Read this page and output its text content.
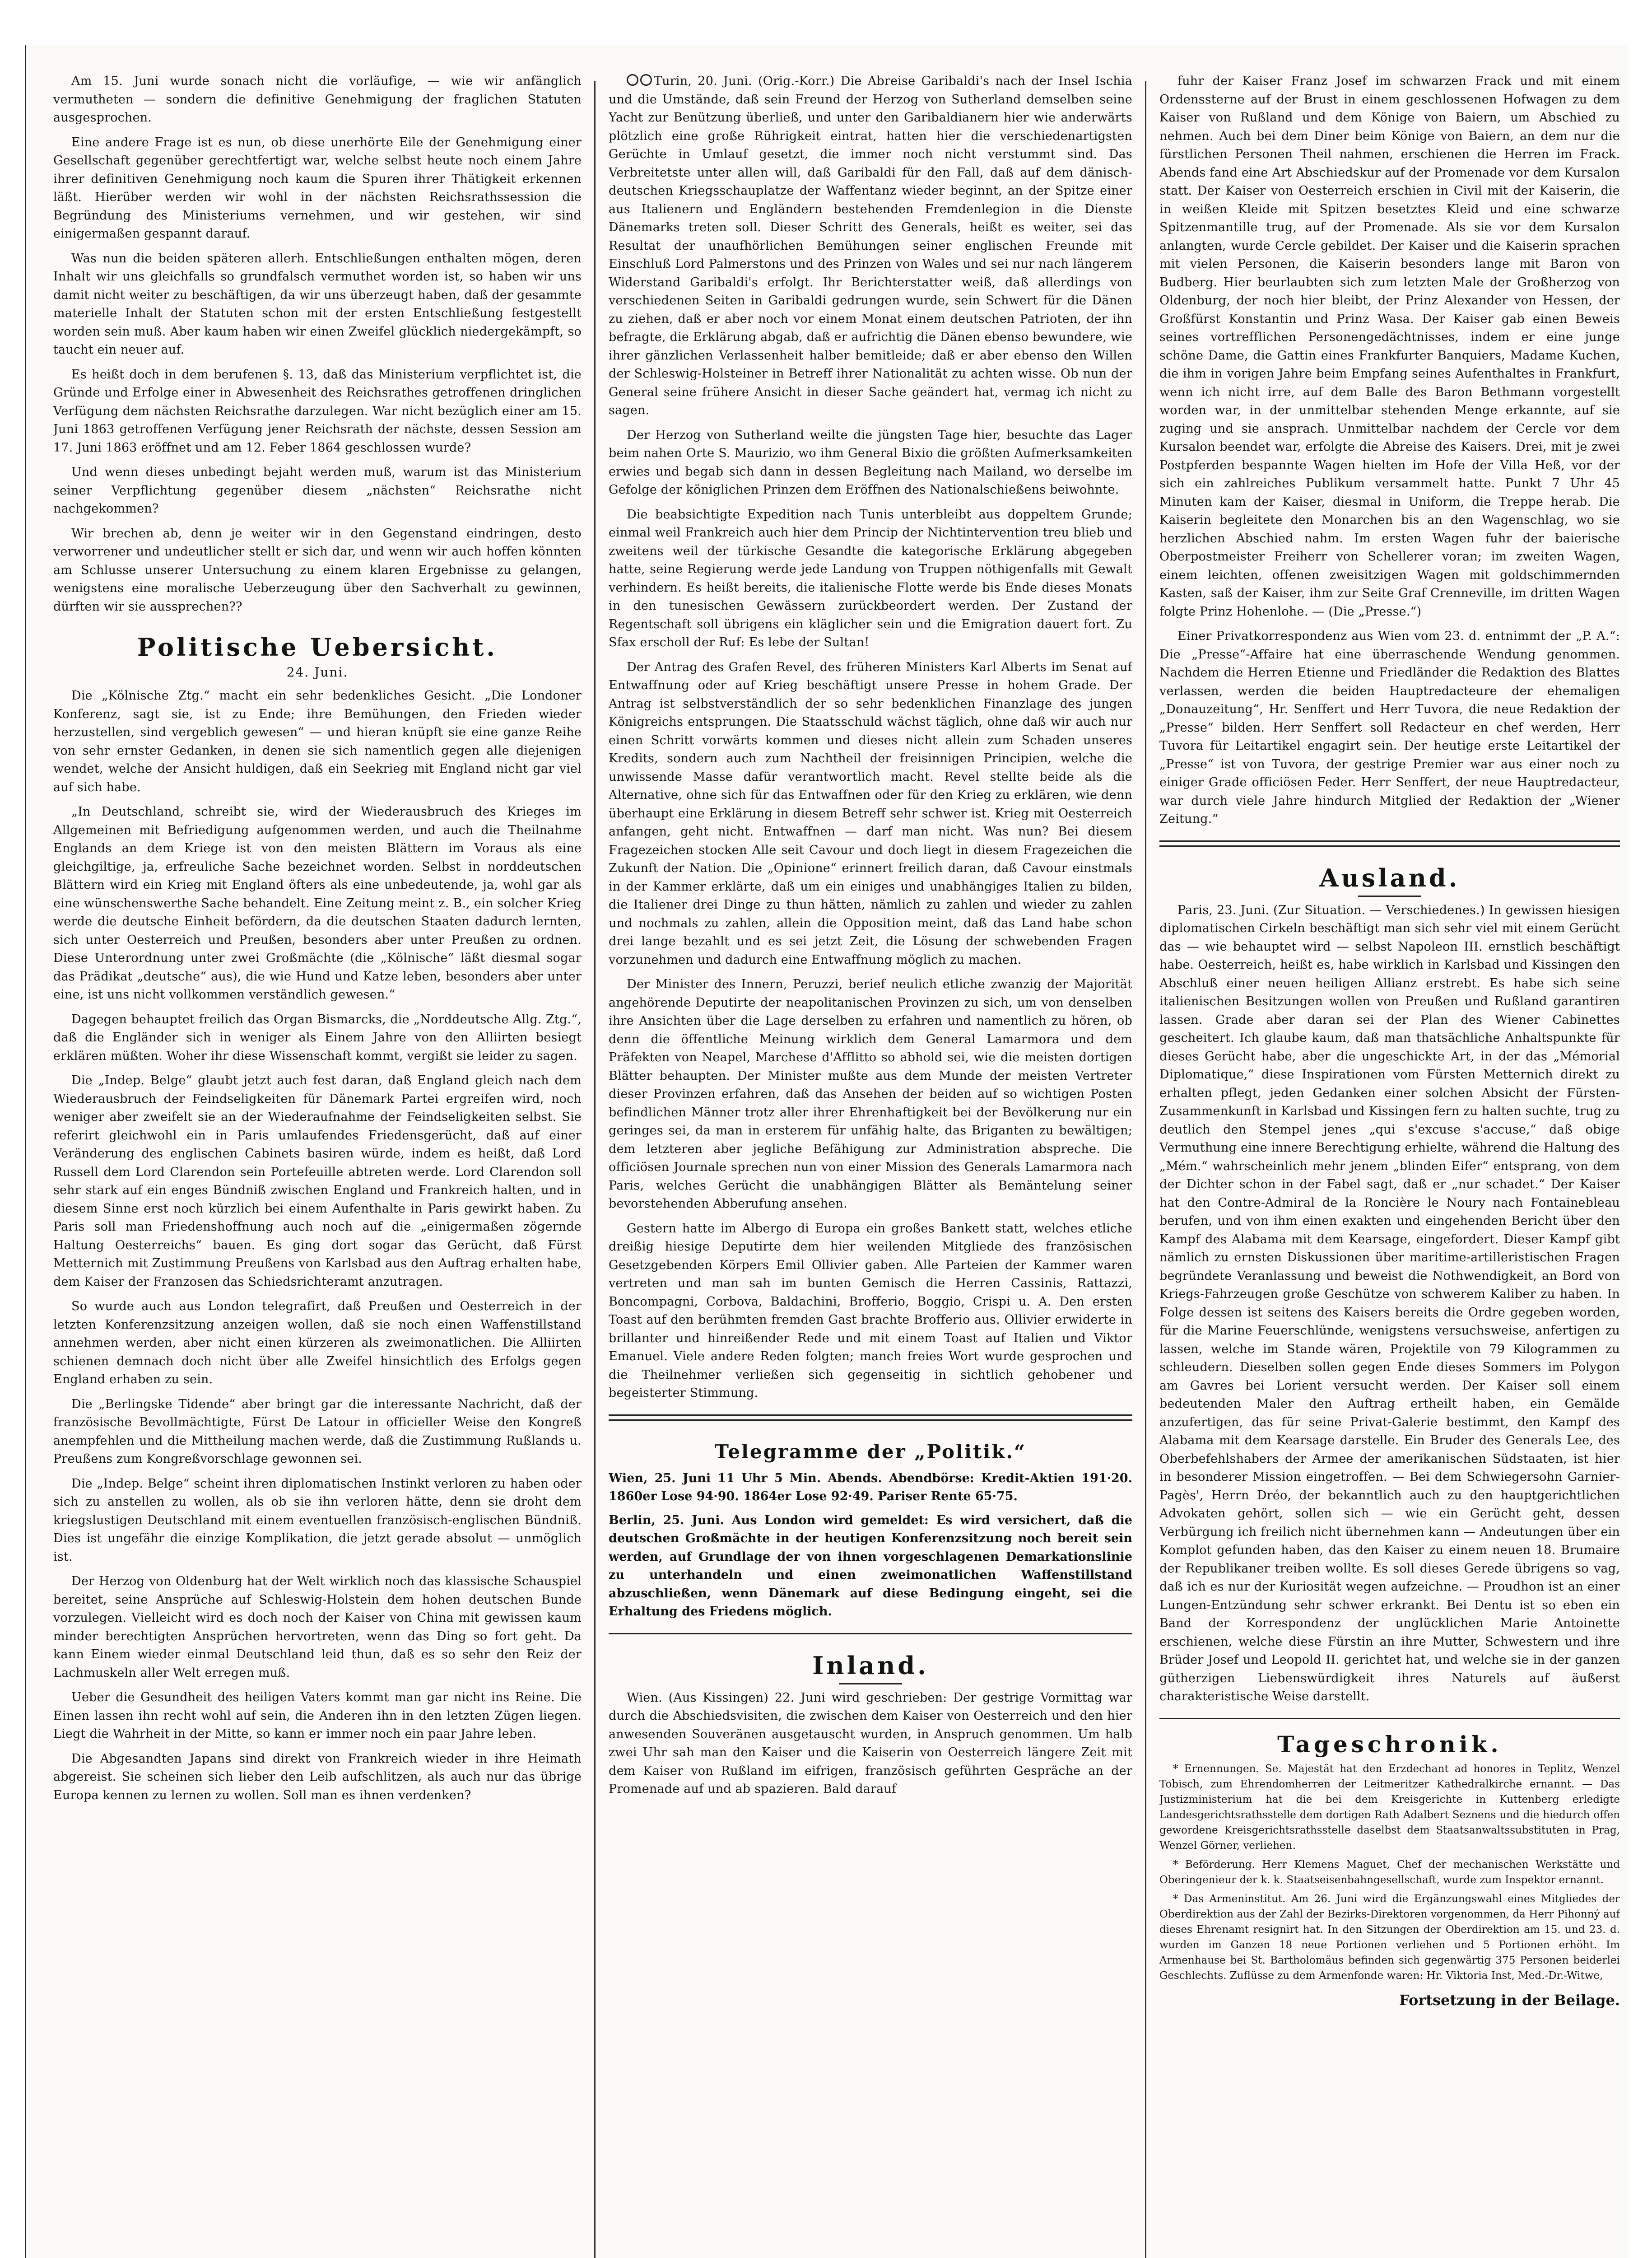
Am 15. Juni wurde sonach nicht die vorläufige, — wie wir anfänglich vermutheten — sondern die definitive Genehmigung der fraglichen Statuten ausgesprochen.

Eine andere Frage ist es nun, ob diese unerhörte Eile der Genehmigung einer Gesellschaft gegenüber gerechtfertigt war, welche selbst heute noch einem Jahre ihrer definitiven Genehmigung noch kaum die Spuren ihrer Thätigkeit erkennen läßt. Hierüber werden wir wohl in der nächsten Reichsrathssession die Begründung des Ministeriums vernehmen, und wir gestehen, wir sind einigermaßen gespannt darauf.

Was nun die beiden späteren allerh. Entschließungen enthalten mögen, deren Inhalt wir uns gleichfalls so grundfalsch vermuthet worden ist, so haben wir uns damit nicht weiter zu beschäftigen, da wir uns überzeugt haben, daß der gesammte materielle Inhalt der Statuten schon mit der ersten Entschließung festgestellt worden sein muß. Aber kaum haben wir einen Zweifel glücklich niedergekämpft, so taucht ein neuer auf.

Es heißt doch in dem berufenen §. 13, daß das Ministerium verpflichtet ist, die Gründe und Erfolge einer in Abwesenheit des Reichsrathes getroffenen dringlichen Verfügung dem nächsten Reichsrathe darzulegen. War nicht bezüglich einer am 15. Juni 1863 getroffenen Verfügung jener Reichsrath der nächste, dessen Session am 17. Juni 1863 eröffnet und am 12. Feber 1864 geschlossen wurde?

Und wenn dieses unbedingt bejaht werden muß, warum ist das Ministerium seiner Verpflichtung gegenüber diesem „nächsten“ Reichsrathe nicht nachgekommen?

Wir brechen ab, denn je weiter wir in den Gegenstand eindringen, desto verworrener und undeutlicher stellt er sich dar, und wenn wir auch hoffen könnten am Schlusse unserer Untersuchung zu einem klaren Ergebnisse zu gelangen, wenigstens eine moralische Ueberzeugung über den Sachverhalt zu gewinnen, dürften wir sie aussprechen??

Politische Uebersicht.
24. Juni.

Die „Kölnische Ztg.“ macht ein sehr bedenkliches Gesicht. „Die Londoner Konferenz, sagt sie, ist zu Ende; ihre Bemühungen, den Frieden wieder herzustellen, sind vergeblich gewesen“ — und hieran knüpft sie eine ganze Reihe von sehr ernster Gedanken, in denen sie sich namentlich gegen alle diejenigen wendet, welche der Ansicht huldigen, daß ein Seekrieg mit England nicht gar viel auf sich habe.

„In Deutschland, schreibt sie, wird der Wiederausbruch des Krieges im Allgemeinen mit Befriedigung aufgenommen werden, und auch die Theilnahme Englands an dem Kriege ist von den meisten Blättern im Voraus als eine gleichgiltige, ja, erfreuliche Sache bezeichnet worden. Selbst in norddeutschen Blättern wird ein Krieg mit England öfters als eine unbedeutende, ja, wohl gar als eine wünschenswerthe Sache behandelt. Eine Zeitung meint z. B., ein solcher Krieg werde die deutsche Einheit befördern, da die deutschen Staaten dadurch lernten, sich unter Oesterreich und Preußen, besonders aber unter Preußen zu ordnen. Diese Unterordnung unter zwei Großmächte (die „Kölnische“ läßt diesmal sogar das Prädikat „deutsche“ aus), die wie Hund und Katze leben, besonders aber unter eine, ist uns nicht vollkommen verständlich gewesen.“

Dagegen behauptet freilich das Organ Bismarcks, die „Norddeutsche Allg. Ztg.“, daß die Engländer sich in weniger als Einem Jahre von den Alliirten besiegt erklären müßten. Woher ihr diese Wissenschaft kommt, vergißt sie leider zu sagen.

Die „Indep. Belge“ glaubt jetzt auch fest daran, daß England gleich nach dem Wiederausbruch der Feindseligkeiten für Dänemark Partei ergreifen wird, noch weniger aber zweifelt sie an der Wiederaufnahme der Feindseligkeiten selbst. Sie referirt gleichwohl ein in Paris umlaufendes Friedensgerücht, daß auf einer Veränderung des englischen Cabinets basiren würde, indem es heißt, daß Lord Russell dem Lord Clarendon sein Portefeuille abtreten werde. Lord Clarendon soll sehr stark auf ein enges Bündniß zwischen England und Frankreich halten, und in diesem Sinne erst noch kürzlich bei einem Aufenthalte in Paris gewirkt haben. Zu Paris soll man Friedenshoffnung auch noch auf die „einigermaßen zögernde Haltung Oesterreichs“ bauen. Es ging dort sogar das Gerücht, daß Fürst Metternich mit Zustimmung Preußens von Karlsbad aus den Auftrag erhalten habe, dem Kaiser der Franzosen das Schiedsrichteramt anzutragen.

So wurde auch aus London telegrafirt, daß Preußen und Oesterreich in der letzten Konferenzsitzung anzeigen wollen, daß sie noch einen Waffenstillstand annehmen werden, aber nicht einen kürzeren als zweimonatlichen. Die Alliirten schienen demnach doch nicht über alle Zweifel hinsichtlich des Erfolgs gegen England erhaben zu sein.

Die „Berlingske Tidende“ aber bringt gar die interessante Nachricht, daß der französische Bevollmächtigte, Fürst De Latour in officieller Weise den Kongreß anempfehlen und die Mittheilung machen werde, daß die Zustimmung Rußlands u. Preußens zum Kongreßvorschlage gewonnen sei.

Die „Indep. Belge“ scheint ihren diplomatischen Instinkt verloren zu haben oder sich zu anstellen zu wollen, als ob sie ihn verloren hätte, denn sie droht dem kriegslustigen Deutschland mit einem eventuellen französisch-englischen Bündniß. Dies ist ungefähr die einzige Komplikation, die jetzt gerade absolut — unmöglich ist.

Der Herzog von Oldenburg hat der Welt wirklich noch das klassische Schauspiel bereitet, seine Ansprüche auf Schleswig-Holstein dem hohen deutschen Bunde vorzulegen. Vielleicht wird es doch noch der Kaiser von China mit gewissen kaum minder berechtigten Ansprüchen hervortreten, wenn das Ding so fort geht. Da kann Einem wieder einmal Deutschland leid thun, daß es so sehr den Reiz der Lachmuskeln aller Welt erregen muß.

Ueber die Gesundheit des heiligen Vaters kommt man gar nicht ins Reine. Die Einen lassen ihn recht wohl auf sein, die Anderen ihn in den letzten Zügen liegen. Liegt die Wahrheit in der Mitte, so kann er immer noch ein paar Jahre leben.

Die Abgesandten Japans sind direkt von Frankreich wieder in ihre Heimath abgereist. Sie scheinen sich lieber den Leib aufschlitzen, als auch nur das übrige Europa kennen zu lernen zu wollen. Soll man es ihnen verdenken?

Turin, 20. Juni. (Orig.-Korr.) Die Abreise Garibaldi's nach der Insel Ischia und die Umstände, daß sein Freund der Herzog von Sutherland demselben seine Yacht zur Benützung überließ, und unter den Garibaldianern hier wie anderwärts plötzlich eine große Rührigkeit eintrat, hatten hier die verschiedenartigsten Gerüchte in Umlauf gesetzt, die immer noch nicht verstummt sind. Das Verbreitetste unter allen will, daß Garibaldi für den Fall, daß auf dem dänisch-deutschen Kriegsschauplatze der Waffentanz wieder beginnt, an der Spitze einer aus Italienern und Engländern bestehenden Fremdenlegion in die Dienste Dänemarks treten soll. Dieser Schritt des Generals, heißt es weiter, sei das Resultat der unaufhörlichen Bemühungen seiner englischen Freunde mit Einschluß Lord Palmerstons und des Prinzen von Wales und sei nur nach längerem Widerstand Garibaldi's erfolgt. Ihr Berichterstatter weiß, daß allerdings von verschiedenen Seiten in Garibaldi gedrungen wurde, sein Schwert für die Dänen zu ziehen, daß er aber noch vor einem Monat einem deutschen Patrioten, der ihn befragte, die Erklärung abgab, daß er aufrichtig die Dänen ebenso bewundere, wie ihrer gänzlichen Verlassenheit halber bemitleide; daß er aber ebenso den Willen der Schleswig-Holsteiner in Betreff ihrer Nationalität zu achten wisse. Ob nun der General seine frühere Ansicht in dieser Sache geändert hat, vermag ich nicht zu sagen.

Der Herzog von Sutherland weilte die jüngsten Tage hier, besuchte das Lager beim nahen Orte S. Maurizio, wo ihm General Bixio die größten Aufmerksamkeiten erwies und begab sich dann in dessen Begleitung nach Mailand, wo derselbe im Gefolge der königlichen Prinzen dem Eröffnen des Nationalschießens beiwohnte.

Die beabsichtigte Expedition nach Tunis unterbleibt aus doppeltem Grunde; einmal weil Frankreich auch hier dem Princip der Nichtintervention treu blieb und zweitens weil der türkische Gesandte die kategorische Erklärung abgegeben hatte, seine Regierung werde jede Landung von Truppen nöthigenfalls mit Gewalt verhindern. Es heißt bereits, die italienische Flotte werde bis Ende dieses Monats in den tunesischen Gewässern zurückbeordert werden. Der Zustand der Regentschaft soll übrigens ein kläglicher sein und die Emigration dauert fort. Zu Sfax erscholl der Ruf: Es lebe der Sultan!

Der Antrag des Grafen Revel, des früheren Ministers Karl Alberts im Senat auf Entwaffnung oder auf Krieg beschäftigt unsere Presse in hohem Grade. Der Antrag ist selbstverständlich der so sehr bedenklichen Finanzlage des jungen Königreichs entsprungen. Die Staatsschuld wächst täglich, ohne daß wir auch nur einen Schritt vorwärts kommen und dieses nicht allein zum Schaden unseres Kredits, sondern auch zum Nachtheil der freisinnigen Principien, welche die unwissende Masse dafür verantwortlich macht. Revel stellte beide als die Alternative, ohne sich für das Entwaffnen oder für den Krieg zu erklären, wie denn überhaupt eine Erklärung in diesem Betreff sehr schwer ist. Krieg mit Oesterreich anfangen, geht nicht. Entwaffnen — darf man nicht. Was nun? Bei diesem Fragezeichen stocken Alle seit Cavour und doch liegt in diesem Fragezeichen die Zukunft der Nation. Die „Opinione“ erinnert freilich daran, daß Cavour einstmals in der Kammer erklärte, daß um ein einiges und unabhängiges Italien zu bilden, die Italiener drei Dinge zu thun hätten, nämlich zu zahlen und wieder zu zahlen und nochmals zu zahlen, allein die Opposition meint, daß das Land habe schon drei lange bezahlt und es sei jetzt Zeit, die Lösung der schwebenden Fragen vorzunehmen und dadurch eine Entwaffnung möglich zu machen.

Der Minister des Innern, Peruzzi, berief neulich etliche zwanzig der Majorität angehörende Deputirte der neapolitanischen Provinzen zu sich, um von denselben ihre Ansichten über die Lage derselben zu erfahren und namentlich zu hören, ob denn die öffentliche Meinung wirklich dem General Lamarmora und dem Präfekten von Neapel, Marchese d'Afflitto so abhold sei, wie die meisten dortigen Blätter behaupten. Der Minister mußte aus dem Munde der meisten Vertreter dieser Provinzen erfahren, daß das Ansehen der beiden auf so wichtigen Posten befindlichen Männer trotz aller ihrer Ehrenhaftigkeit bei der Bevölkerung nur ein geringes sei, da man in ersterem für unfähig halte, das Briganten zu bewältigen; dem letzteren aber jegliche Befähigung zur Administration abspreche. Die officiösen Journale sprechen nun von einer Mission des Generals Lamarmora nach Paris, welches Gerücht die unabhängigen Blätter als Bemäntelung seiner bevorstehenden Abberufung ansehen.

Gestern hatte im Albergo di Europa ein großes Bankett statt, welches etliche dreißig hiesige Deputirte dem hier weilenden Mitgliede des französischen Gesetzgebenden Körpers Emil Ollivier gaben. Alle Parteien der Kammer waren vertreten und man sah im bunten Gemisch die Herren Cassinis, Rattazzi, Boncompagni, Corbova, Baldachini, Brofferio, Boggio, Crispi u. A. Den ersten Toast auf den berühmten fremden Gast brachte Brofferio aus. Ollivier erwiderte in brillanter und hinreißender Rede und mit einem Toast auf Italien und Viktor Emanuel. Viele andere Reden folgten; manch freies Wort wurde gesprochen und die Theilnehmer verließen sich gegenseitig in sichtlich gehobener und begeisterter Stimmung.

Telegramme der „Politik.“

Wien, 25. Juni 11 Uhr 5 Min. Abends. Abendbörse: Kredit-Aktien 191·20. 1860er Lose 94·90. 1864er Lose 92·49. Pariser Rente 65·75.

Berlin, 25. Juni. Aus London wird gemeldet: Es wird versichert, daß die deutschen Großmächte in der heutigen Konferenzsitzung noch bereit sein werden, auf Grundlage der von ihnen vorgeschlagenen Demarkationslinie zu unterhandeln und einen zweimonatlichen Waffenstillstand abzuschließen, wenn Dänemark auf diese Bedingung eingeht, sei die Erhaltung des Friedens möglich.

Inland.

Wien. (Aus Kissingen) 22. Juni wird geschrieben: Der gestrige Vormittag war durch die Abschiedsvisiten, die zwischen dem Kaiser von Oesterreich und den hier anwesenden Souveränen ausgetauscht wurden, in Anspruch genommen. Um halb zwei Uhr sah man den Kaiser und die Kaiserin von Oesterreich längere Zeit mit dem Kaiser von Rußland im eifrigen, französisch geführten Gespräche an der Promenade auf und ab spazieren. Bald darauf

fuhr der Kaiser Franz Josef im schwarzen Frack und mit einem Ordenssterne auf der Brust in einem geschlossenen Hofwagen zu dem Kaiser von Rußland und dem Könige von Baiern, um Abschied zu nehmen. Auch bei dem Diner beim Könige von Baiern, an dem nur die fürstlichen Personen Theil nahmen, erschienen die Herren im Frack. Abends fand eine Art Abschiedskur auf der Promenade vor dem Kursalon statt. Der Kaiser von Oesterreich erschien in Civil mit der Kaiserin, die in weißen Kleide mit Spitzen besetztes Kleid und eine schwarze Spitzenmantille trug, auf der Promenade. Als sie vor dem Kursalon anlangten, wurde Cercle gebildet. Der Kaiser und die Kaiserin sprachen mit vielen Personen, die Kaiserin besonders lange mit Baron von Budberg. Hier beurlaubten sich zum letzten Male der Großherzog von Oldenburg, der noch hier bleibt, der Prinz Alexander von Hessen, der Großfürst Konstantin und Prinz Wasa. Der Kaiser gab einen Beweis seines vortrefflichen Personengedächtnisses, indem er eine junge schöne Dame, die Gattin eines Frankfurter Banquiers, Madame Kuchen, die ihm in vorigen Jahre beim Empfang seines Aufenthaltes in Frankfurt, wenn ich nicht irre, auf dem Balle des Baron Bethmann vorgestellt worden war, in der unmittelbar stehenden Menge erkannte, auf sie zuging und sie ansprach. Unmittelbar nachdem der Cercle vor dem Kursalon beendet war, erfolgte die Abreise des Kaisers. Drei, mit je zwei Postpferden bespannte Wagen hielten im Hofe der Villa Heß, vor der sich ein zahlreiches Publikum versammelt hatte. Punkt 7 Uhr 45 Minuten kam der Kaiser, diesmal in Uniform, die Treppe herab. Die Kaiserin begleitete den Monarchen bis an den Wagenschlag, wo sie herzlichen Abschied nahm. Im ersten Wagen fuhr der baierische Oberpostmeister Freiherr von Schellerer voran; im zweiten Wagen, einem leichten, offenen zweisitzigen Wagen mit goldschimmernden Kasten, saß der Kaiser, ihm zur Seite Graf Crenneville, im dritten Wagen folgte Prinz Hohenlohe. — (Die „Presse.“)

Einer Privatkorrespondenz aus Wien vom 23. d. entnimmt der „P. A.“: Die „Presse“-Affaire hat eine überraschende Wendung genommen. Nachdem die Herren Etienne und Friedländer die Redaktion des Blattes verlassen, werden die beiden Hauptredacteure der ehemaligen „Donauzeitung“, Hr. Senffert und Herr Tuvora, die neue Redaktion der „Presse“ bilden. Herr Senffert soll Redacteur en chef werden, Herr Tuvora für Leitartikel engagirt sein. Der heutige erste Leitartikel der „Presse“ ist von Tuvora, der gestrige Premier war aus einer noch zu einiger Grade officiösen Feder. Herr Senffert, der neue Hauptredacteur, war durch viele Jahre hindurch Mitglied der Redaktion der „Wiener Zeitung.“

Ausland.

Paris, 23. Juni. (Zur Situation. — Verschiedenes.) In gewissen hiesigen diplomatischen Cirkeln beschäftigt man sich sehr viel mit einem Gerücht das — wie behauptet wird — selbst Napoleon III. ernstlich beschäftigt habe. Oesterreich, heißt es, habe wirklich in Karlsbad und Kissingen den Abschluß einer neuen heiligen Allianz erstrebt. Es habe sich seine italienischen Besitzungen wollen von Preußen und Rußland garantiren lassen. Grade aber daran sei der Plan des Wiener Cabinettes gescheitert. Ich glaube kaum, daß man thatsächliche Anhaltspunkte für dieses Gerücht habe, aber die ungeschickte Art, in der das „Mémorial Diplomatique,“ diese Inspirationen vom Fürsten Metternich direkt zu erhalten pflegt, jeden Gedanken einer solchen Absicht der Fürsten-Zusammenkunft in Karlsbad und Kissingen fern zu halten suchte, trug zu deutlich den Stempel jenes „qui s'excuse s'accuse,“ daß obige Vermuthung eine innere Berechtigung erhielte, während die Haltung des „Mém.“ wahrscheinlich mehr jenem „blinden Eifer“ entsprang, von dem der Dichter schon in der Fabel sagt, daß er „nur schadet.“ Der Kaiser hat den Contre-Admiral de la Roncière le Noury nach Fontainebleau berufen, und von ihm einen exakten und eingehenden Bericht über den Kampf des Alabama mit dem Kearsage, eingefordert. Dieser Kampf gibt nämlich zu ernsten Diskussionen über maritime-artilleristischen Fragen begründete Veranlassung und beweist die Nothwendigkeit, an Bord von Kriegs-Fahrzeugen große Geschütze von schwerem Kaliber zu haben. In Folge dessen ist seitens des Kaisers bereits die Ordre gegeben worden, für die Marine Feuerschlünde, wenigstens versuchsweise, anfertigen zu lassen, welche im Stande wären, Projektile von 79 Kilogrammen zu schleudern. Dieselben sollen gegen Ende dieses Sommers im Polygon am Gavres bei Lorient versucht werden. Der Kaiser soll einem bedeutenden Maler den Auftrag ertheilt haben, ein Gemälde anzufertigen, das für seine Privat-Galerie bestimmt, den Kampf des Alabama mit dem Kearsage darstelle. Ein Bruder des Generals Lee, des Oberbefehlshabers der Armee der amerikanischen Südstaaten, ist hier in besonderer Mission eingetroffen. — Bei dem Schwiegersohn Garnier-Pagès', Herrn Dréo, der bekanntlich auch zu den hauptgerichtlichen Advokaten gehört, sollen sich — wie ein Gerücht geht, dessen Verbürgung ich freilich nicht übernehmen kann — Andeutungen über ein Komplot gefunden haben, das den Kaiser zu einem neuen 18. Brumaire der Republikaner treiben wollte. Es soll dieses Gerede übrigens so vag, daß ich es nur der Kuriosität wegen aufzeichne. — Proudhon ist an einer Lungen-Entzündung sehr schwer erkrankt. Bei Dentu ist so eben ein Band der Korrespondenz der unglücklichen Marie Antoinette erschienen, welche diese Fürstin an ihre Mutter, Schwestern und ihre Brüder Josef und Leopold II. gerichtet hat, und welche sie in der ganzen gütherzigen Liebenswürdigkeit ihres Naturels auf äußerst charakteristische Weise darstellt.

Tageschronik.

* Ernennungen. Se. Majestät hat den Erzdechant ad honores in Teplitz, Wenzel Tobisch, zum Ehrendomherren der Leitmeritzer Kathedralkirche ernannt. — Das Justizministerium hat die bei dem Kreisgerichte in Kuttenberg erledigte Landesgerichtsrathsstelle dem dortigen Rath Adalbert Seznens und die hiedurch offen gewordene Kreisgerichtsrathsstelle daselbst dem Staatsanwaltssubstituten in Prag, Wenzel Görner, verliehen.

* Beförderung. Herr Klemens Maguet, Chef der mechanischen Werkstätte und Oberingenieur der k. k. Staatseisenbahngesellschaft, wurde zum Inspektor ernannt.

* Das Armeninstitut. Am 26. Juni wird die Ergänzungswahl eines Mitgliedes der Oberdirektion aus der Zahl der Bezirks-Direktoren vorgenommen, da Herr Pihonný auf dieses Ehrenamt resignirt hat. In den Sitzungen der Oberdirektion am 15. und 23. d. wurden im Ganzen 18 neue Portionen verliehen und 5 Portionen erhöht. Im Armenhause bei St. Bartholomäus befinden sich gegenwärtig 375 Personen beiderlei Geschlechts. Zuflüsse zu dem Armenfonde waren: Hr. Viktoria Inst, Med.-Dr.-Witwe,

Fortsetzung in der Beilage.
